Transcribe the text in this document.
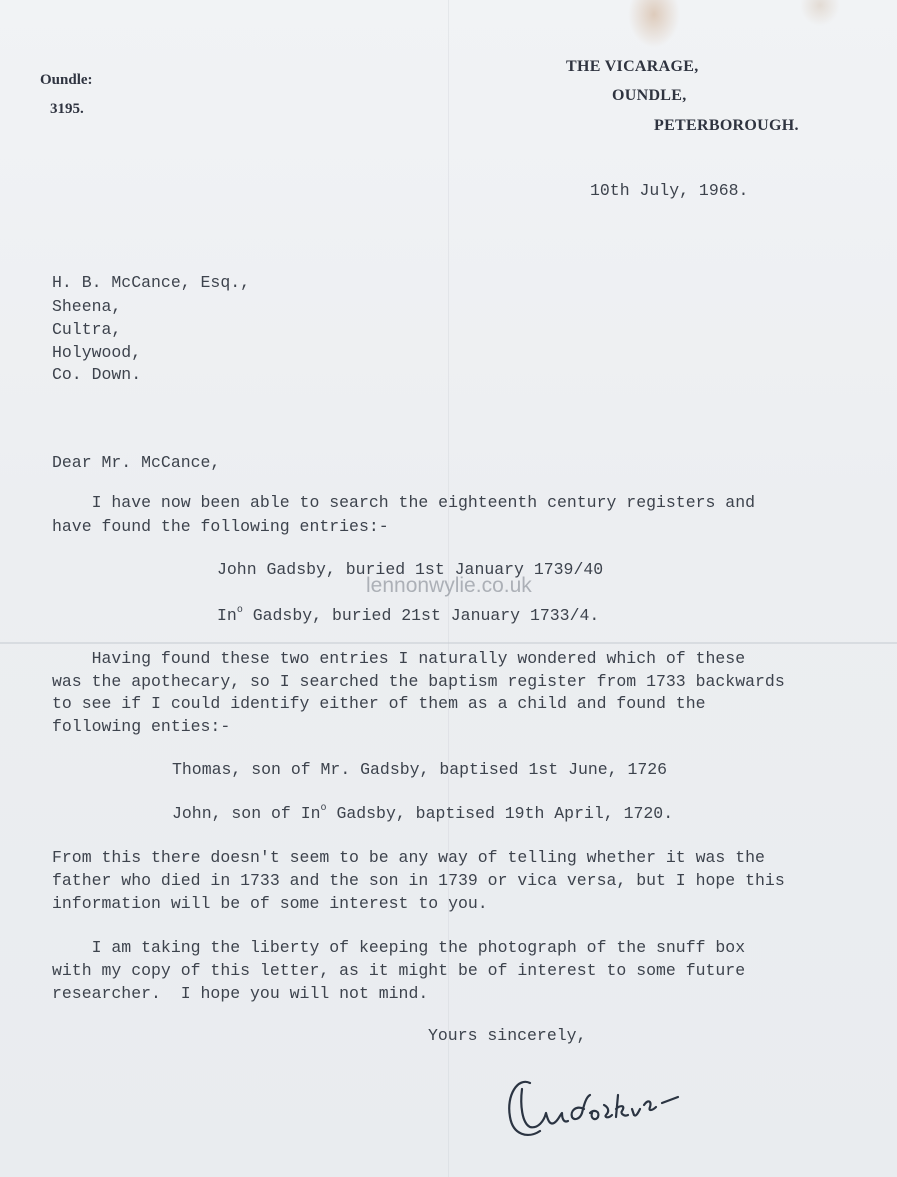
Oundle:
3195.
THE VICARAGE,
OUNDLE,
PETERBOROUGH.
10th July, 1968.
H. B. McCance, Esq.,
Sheena,
Cultra,
Holywood,
Co. Down.
Dear Mr. McCance,
I have now been able to search the eighteenth century registers and
have found the following entries:-
John Gadsby, buried 1st January 1739/40
lennonwylie.co.uk
In$^o$ Gadsby, buried 21st January 1733/4.
Having found these two entries I naturally wondered which of these
was the apothecary, so I searched the baptism register from 1733 backwards
to see if I could identify either of them as a child and found the
following enties:-
Thomas, son of Mr. Gadsby, baptised 1st June, 1726
John, son of In$^o$ Gadsby, baptised 19th April, 1720.
From this there doesn't seem to be any way of telling whether it was the
father who died in 1733 and the son in 1739 or vica versa, but I hope this
information will be of some interest to you.
I am taking the liberty of keeping the photograph of the snuff box
with my copy of this letter, as it might be of interest to some future
researcher.  I hope you will not mind.
Yours sincerely,
